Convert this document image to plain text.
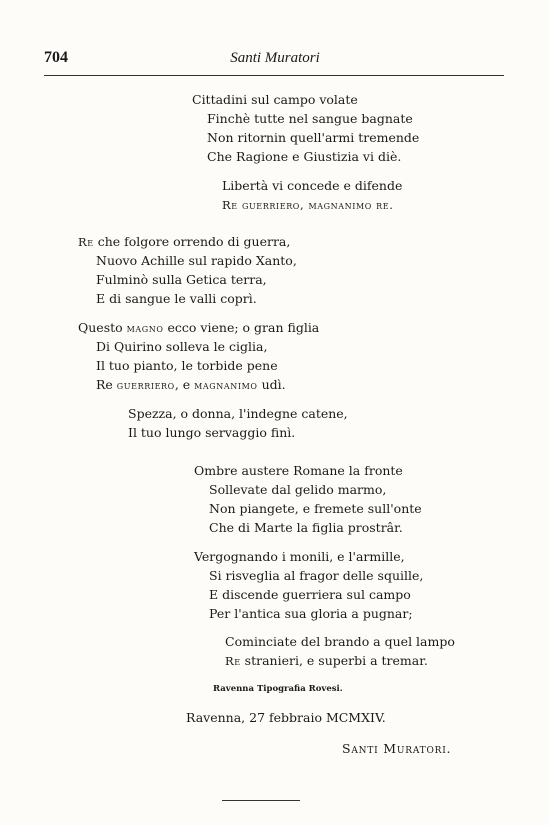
704	Santi Muratori
Cittadini sul campo volate
Finchè tutte nel sangue bagnate
Non ritornin quell'armi tremende
Che Ragione e Giustizia vi diè.
Libertà vi concede e difende
Re guerriero, magnanimo re.
Re che folgore orrendo di guerra,
Nuovo Achille sul rapido Xanto,
Fulminò sulla Getica terra,
E di sangue le valli coprì.
Questo magno ecco viene; o gran figlia
Di Quirino solleva le ciglia,
Il tuo pianto, le torbide pene
Re guerriero, e magnanimo udì.
Spezza, o donna, l'indegne catene,
Il tuo lungo servaggio finì.
Ombre austere Romane la fronte
Sollevate dal gelido marmo,
Non piangete, e fremete sull'onte
Che di Marte la figlia prostrâr.
Vergognando i monili, e l'armille,
Si risveglia al fragor delle squille,
E discende guerriera sul campo
Per l'antica sua gloria a pugnar;
Cominciate del brando a quel lampo
Re stranieri, e superbi a tremar.
Ravenna Tipografia Rovesi.
Ravenna, 27 febbraio MCMXIV.
Santi Muratori.
